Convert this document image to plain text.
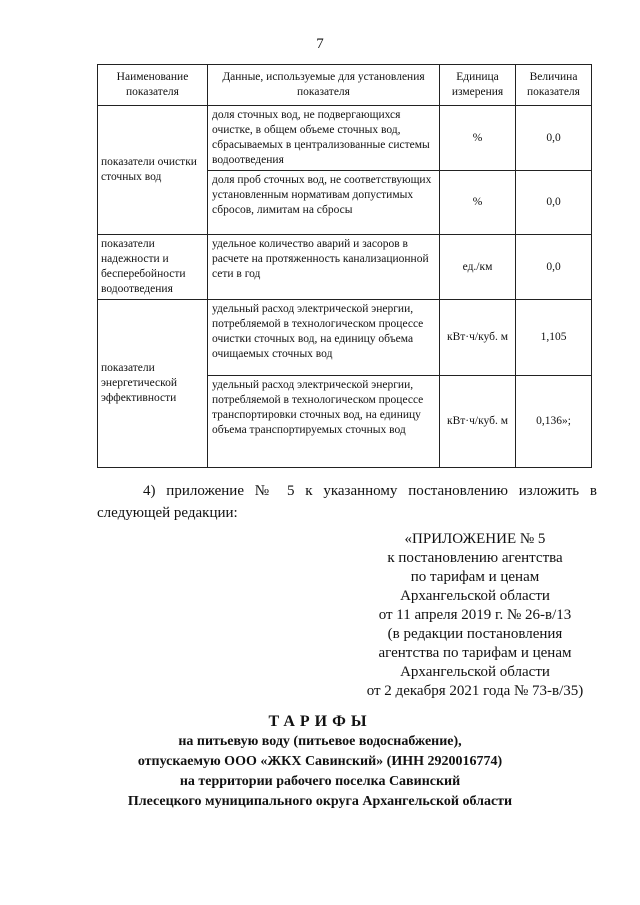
7
Наименование показателя	Данные, используемые для установления показателя	Единица измерения	Величина показателя
показатели очистки сточных вод	доля сточных вод, не подвергающихся очистке, в общем объеме сточных вод, сбрасываемых в централизованные системы водоотведения	%	0,0
	доля проб сточных вод, не соответствующих установленным нормативам допустимых сбросов, лимитам на сбросы	%	0,0
показатели надежности и бесперебойности водоотведения	удельное количество аварий и засоров в расчете на протяженность канализационной сети в год	ед./км	0,0
показатели энергетической эффективности	удельный расход электрической энергии, потребляемой в технологическом процессе очистки сточных вод, на единицу объема очищаемых сточных вод	кВт·ч/куб. м	1,105
	удельный расход электрической энергии, потребляемой в технологическом процессе транспортировки сточных вод, на единицу объема транспортируемых сточных вод	кВт·ч/куб. м	0,136»;
4) приложение № 5 к указанному постановлению изложить в следующей редакции:
«ПРИЛОЖЕНИЕ № 5
к постановлению агентства
по тарифам и ценам
Архангельской области
от 11 апреля 2019 г. № 26-в/13
(в редакции постановления
агентства по тарифам и ценам
Архангельской области
от 2 декабря 2021 года № 73-в/35)
ТАРИФЫ
на питьевую воду (питьевое водоснабжение),
отпускаемую ООО «ЖКХ Савинский» (ИНН 2920016774)
на территории рабочего поселка Савинский
Плесецкого муниципального округа Архангельской области
